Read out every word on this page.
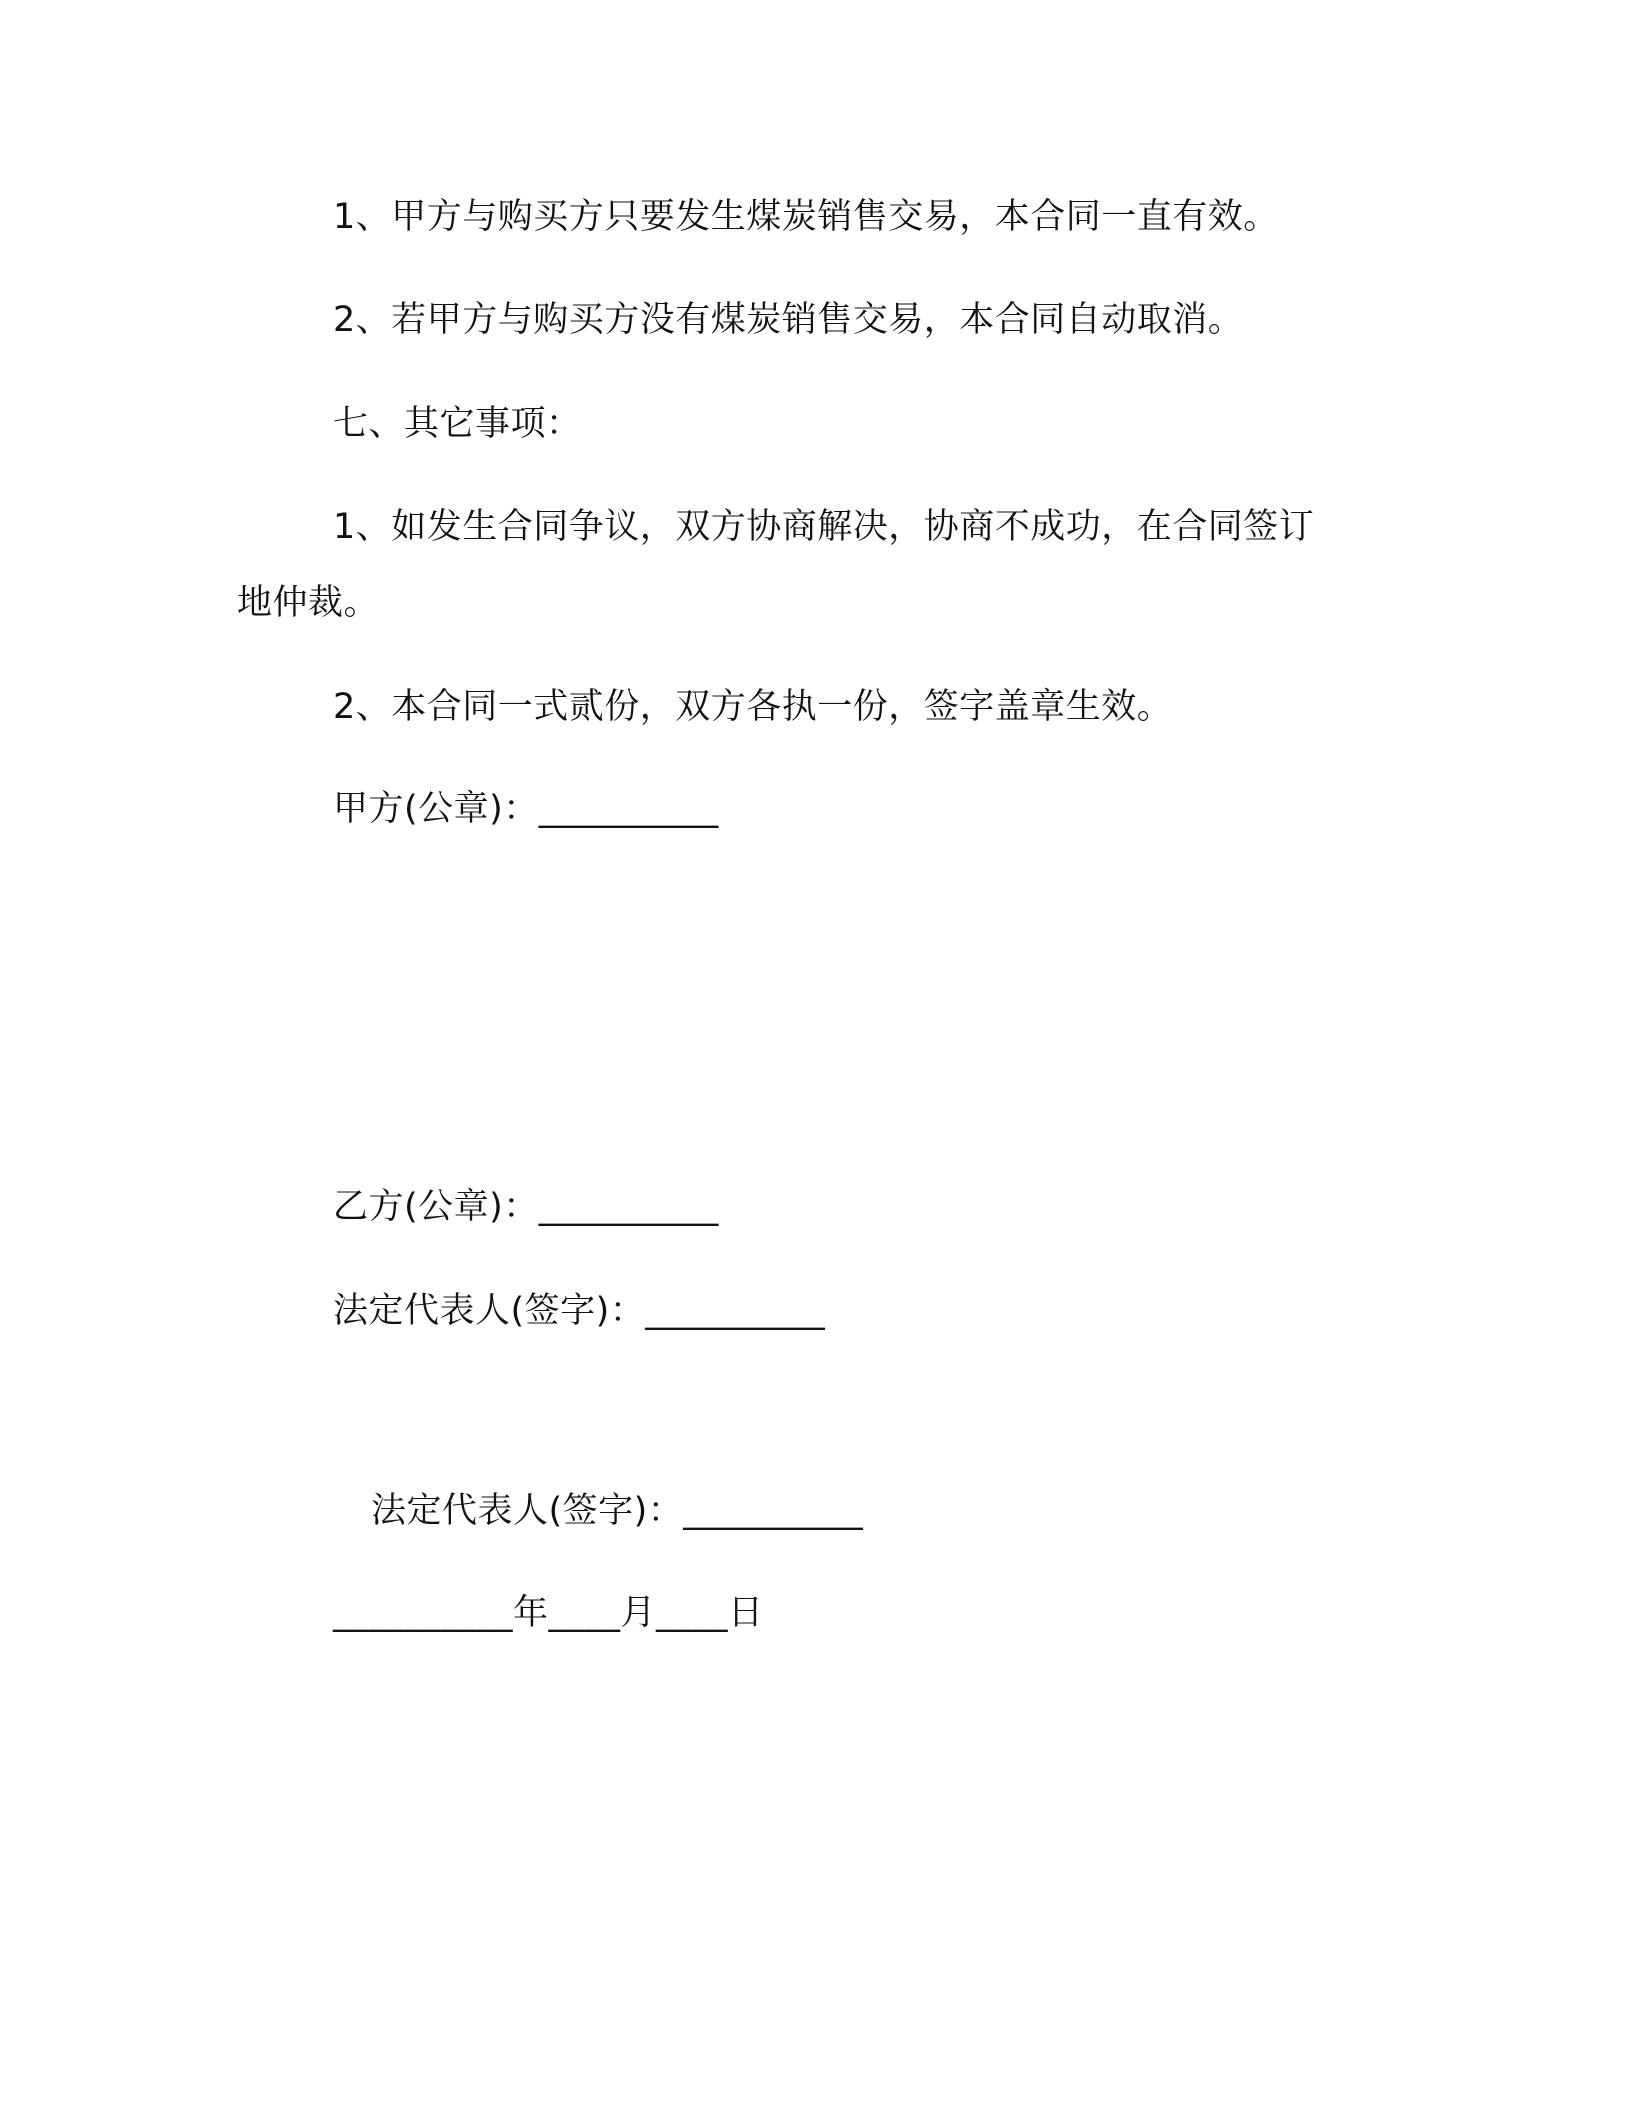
1、甲方与购买方只要发生煤炭销售交易，本合同一直有效。
2、若甲方与购买方没有煤炭销售交易，本合同自动取消。
七、其它事项：
1、如发生合同争议，双方协商解决，协商不成功，在合同签订
地仲裁。
2、本合同一式贰份，双方各执一份，签字盖章生效。
甲方(公章)：__________
乙方(公章)：__________
法定代表人(签字)：__________
法定代表人(签字)：__________
__________年____月____日
